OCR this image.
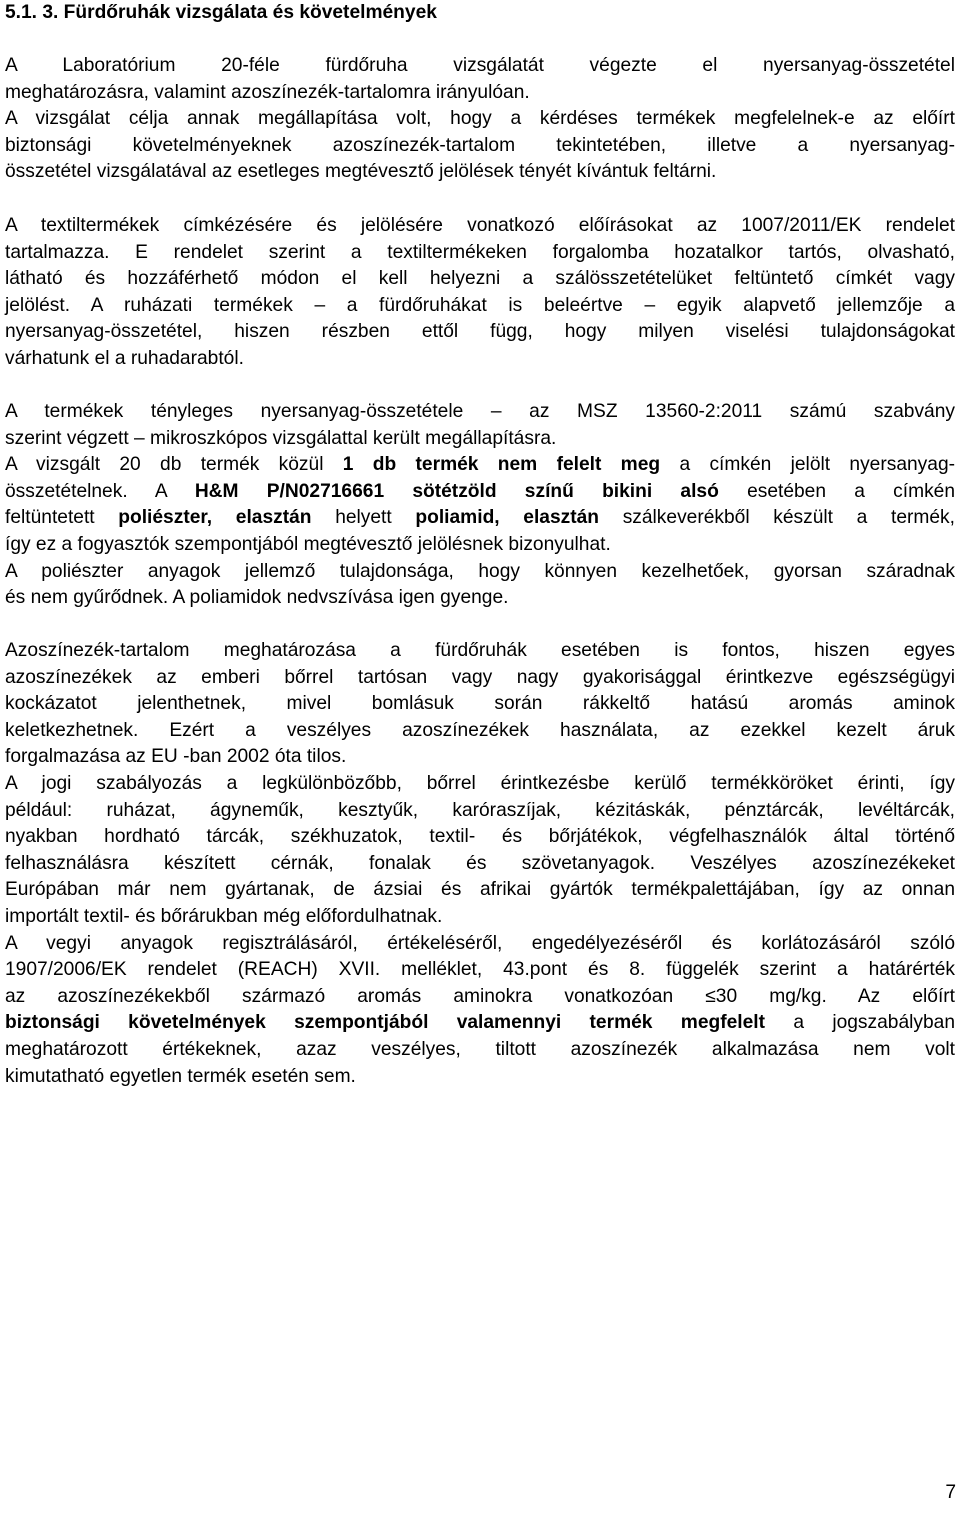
5.1. 3. Fürdőruhák vizsgálata és követelmények

A Laboratórium 20-féle fürdőruha vizsgálatát végezte el nyersanyag-összetétel
meghatározásra, valamint azoszínezék-tartalomra irányulóan.
A vizsgálat célja annak megállapítása volt, hogy a kérdéses termékek megfelelnek-e az előírt
biztonsági követelményeknek azoszínezék-tartalom tekintetében, illetve a nyersanyag-
összetétel vizsgálatával az esetleges megtévesztő jelölések tényét kívántuk feltárni.

A textiltermékek címkézésére és jelölésére vonatkozó előírásokat az 1007/2011/EK rendelet
tartalmazza. E rendelet szerint a textiltermékeken forgalomba hozatalkor tartós, olvasható,
látható és hozzáférhető módon el kell helyezni a szálösszetételüket feltüntető címkét vagy
jelölést. A ruházati termékek – a fürdőruhákat is beleértve – egyik alapvető jellemzője a
nyersanyag-összetétel, hiszen részben ettől függ, hogy milyen viselési tulajdonságokat
várhatunk el a ruhadarabtól.

A termékek tényleges nyersanyag-összetétele – az MSZ 13560-2:2011 számú szabvány
szerint végzett – mikroszkópos vizsgálattal került megállapításra.
A vizsgált 20 db termék közül 1 db termék nem felelt meg a címkén jelölt nyersanyag-
összetételnek. A H&M P/N02716661 sötétzöld színű bikini alsó esetében a címkén
feltüntetett poliészter, elasztán helyett poliamid, elasztán szálkeverékből készült a termék,
így ez a fogyasztók szempontjából megtévesztő jelölésnek bizonyulhat.
A poliészter anyagok jellemző tulajdonsága, hogy könnyen kezelhetőek, gyorsan száradnak
és nem gyűrődnek. A poliamidok nedvszívása igen gyenge.

Azoszínezék-tartalom meghatározása a fürdőruhák esetében is fontos, hiszen egyes
azoszínezékek az emberi bőrrel tartósan vagy nagy gyakorisággal érintkezve egészségügyi
kockázatot jelenthetnek, mivel bomlásuk során rákkeltő hatású aromás aminok
keletkezhetnek. Ezért a veszélyes azoszínezékek használata, az ezekkel kezelt áruk
forgalmazása az EU -ban 2002 óta tilos.
A jogi szabályozás a legkülönbözőbb, bőrrel érintkezésbe kerülő termékköröket érinti, így
például: ruházat, ágyneműk, kesztyűk, karóraszíjak, kézitáskák, pénztárcák, levéltárcák,
nyakban hordható tárcák, székhuzatok, textil- és bőrjátékok, végfelhasználók által történő
felhasználásra készített cérnák, fonalak és szövetanyagok. Veszélyes azoszínezékeket
Európában már nem gyártanak, de ázsiai és afrikai gyártók termékpalettájában, így az onnan
importált textil- és bőrárukban még előfordulhatnak.
A vegyi anyagok regisztrálásáról, értékeléséről, engedélyezéséről és korlátozásáról szóló
1907/2006/EK rendelet (REACH) XVII. melléklet, 43.pont és 8. függelék szerint a határérték
az azoszínezékekből származó aromás aminokra vonatkozóan ≤30 mg/kg. Az előírt
biztonsági követelmények szempontjából valamennyi termék megfelelt a jogszabályban
meghatározott értékeknek, azaz veszélyes, tiltott azoszínezék alkalmazása nem volt
kimutatható egyetlen termék esetén sem.

7
